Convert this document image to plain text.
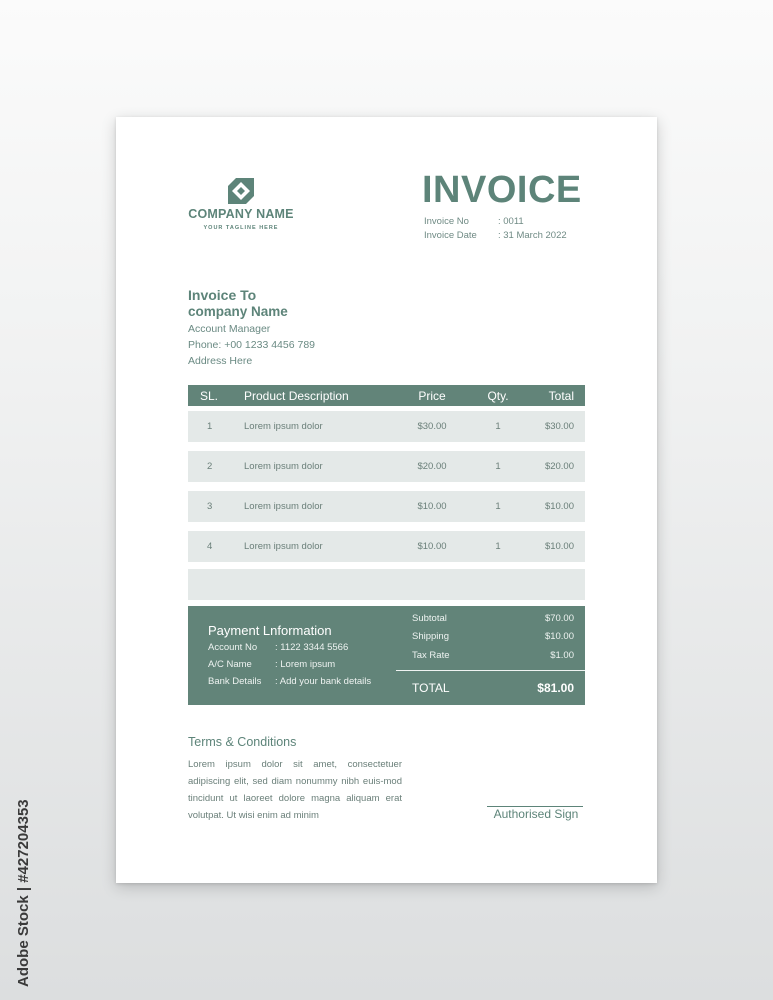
COMPANY NAME
YOUR TAGLINE HERE
INVOICE
Invoice No	: 0011
Invoice Date : 31 March 2022
Invoice To
company Name
Account Manager
Phone: +00 1233 4456 789
Address Here
SL. Product Description	Price	Qty.	Total
1	Lorem ipsum dolor	$30.00	1	$30.00
2	Lorem ipsum dolor	$20.00	1	$20.00
3	Lorem ipsum dolor	$10.00	1	$10.00
4	Lorem ipsum dolor	$10.00	1	$10.00
Payment Lnformation
Account No : 1122 3344 5566
A/C Name : Lorem ipsum
Bank Details : Add your bank details
Subtotal	$70.00
Shipping	$10.00
Tax Rate	$1.00
TOTAL	$81.00
Terms & Conditions
Lorem ipsum dolor sit amet, consectetuer adipiscing elit, sed diam nonummy nibh euis-mod tincidunt ut laoreet dolore magna aliquam erat volutpat. Ut wisi enim ad minim	Authorised Sign
Adobe Stock | #427204353
